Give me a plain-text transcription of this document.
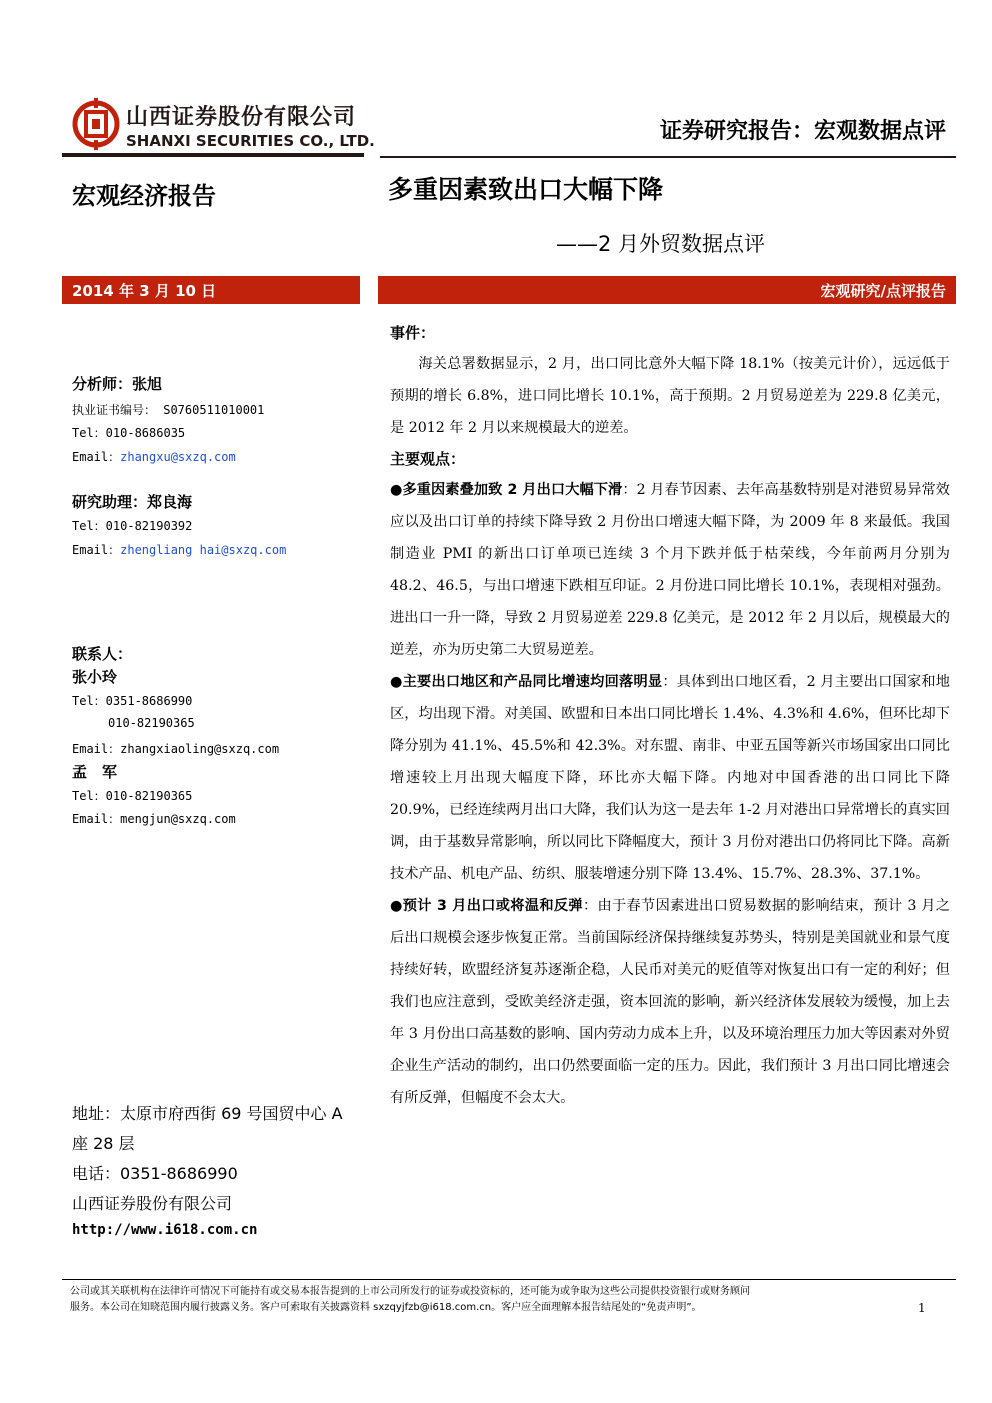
山西证券股份有限公司
SHANXI SECURITIES CO., LTD.	证券研究报告：宏观数据点评
宏观经济报告	多重因素致出口大幅下降
——2 月外贸数据点评
2014 年 3 月 10 日	宏观研究/点评报告
分析师：张旭
执业证书编号： S0760511010001
Tel：010-8686035
Email：zhangxu@sxzq.com
研究助理：郑良海
Tel：010-82190392
Email：zhengliang hai@sxzq.com
联系人：
张小玲
Tel：0351-8686990
010-82190365
Email：zhangxiaoling@sxzq.com
孟　军
Tel：010-82190365
Email：mengjun@sxzq.com
地址：太原市府西街 69 号国贸中心 A
座 28 层
电话：0351-8686990
山西证券股份有限公司
http://www.i618.com.cn
事件：
海关总署数据显示，2 月，出口同比意外大幅下降 18.1%（按美元计价），远远低于预期的增长 6.8%，进口同比增长 10.1%，高于预期。2 月贸易逆差为 229.8 亿美元，是 2012 年 2 月以来规模最大的逆差。
主要观点：
●多重因素叠加致 2 月出口大幅下滑：2 月春节因素、去年高基数特别是对港贸易异常效应以及出口订单的持续下降导致 2 月份出口增速大幅下降，为 2009 年 8 来最低。我国制造业 PMI 的新出口订单项已连续 3 个月下跌并低于枯荣线，今年前两月分别为 48.2、46.5，与出口增速下跌相互印证。2 月份进口同比增长 10.1%，表现相对强劲。进出口一升一降，导致 2 月贸易逆差 229.8 亿美元，是 2012 年 2 月以后，规模最大的逆差，亦为历史第二大贸易逆差。
●主要出口地区和产品同比增速均回落明显：具体到出口地区看，2 月主要出口国家和地区，均出现下滑。对美国、欧盟和日本出口同比增长 1.4%、4.3%和 4.6%，但环比却下降分别为 41.1%、45.5%和 42.3%。对东盟、南非、中亚五国等新兴市场国家出口同比增速较上月出现大幅度下降，环比亦大幅下降。内地对中国香港的出口同比下降 20.9%，已经连续两月出口大降，我们认为这一是去年 1-2 月对港出口异常增长的真实回调，由于基数异常影响，所以同比下降幅度大，预计 3 月份对港出口仍将同比下降。高新技术产品、机电产品、纺织、服装增速分别下降 13.4%、15.7%、28.3%、37.1%。
●预计 3 月出口或将温和反弹：由于春节因素进出口贸易数据的影响结束，预计 3 月之后出口规模会逐步恢复正常。当前国际经济保持继续复苏势头，特别是美国就业和景气度持续好转，欧盟经济复苏逐渐企稳，人民币对美元的贬值等对恢复出口有一定的利好；但我们也应注意到，受欧美经济走强，资本回流的影响，新兴经济体发展较为缓慢，加上去年 3 月份出口高基数的影响、国内劳动力成本上升，以及环境治理压力加大等因素对外贸企业生产活动的制约，出口仍然要面临一定的压力。因此，我们预计 3 月出口同比增速会有所反弹，但幅度不会太大。
公司或其关联机构在法律许可情况下可能持有或交易本报告提到的上市公司所发行的证券或投资标的，还可能为或争取为这些公司提供投资银行或财务顾问
服务。本公司在知晓范围内履行披露义务。客户可索取有关披露资料 sxzqyjfzb@i618.com.cn。客户应全面理解本报告结尾处的“免责声明”。	1
